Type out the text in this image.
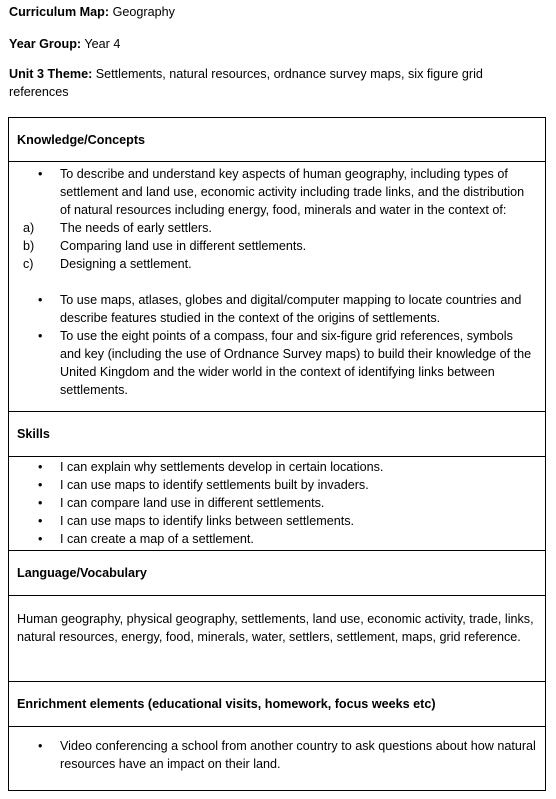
Curriculum Map: Geography
Year Group: Year 4
Unit 3 Theme: Settlements, natural resources, ordnance survey maps, six figure grid references
Knowledge/Concepts
• To describe and understand key aspects of human geography, including types of settlement and land use, economic activity including trade links, and the distribution of natural resources including energy, food, minerals and water in the context of:
a) The needs of early settlers.
b) Comparing land use in different settlements.
c) Designing a settlement.
• To use maps, atlases, globes and digital/computer mapping to locate countries and describe features studied in the context of the origins of settlements.
• To use the eight points of a compass, four and six-figure grid references, symbols and key (including the use of Ordnance Survey maps) to build their knowledge of the United Kingdom and the wider world in the context of identifying links between settlements.
Skills
• I can explain why settlements develop in certain locations.
• I can use maps to identify settlements built by invaders.
• I can compare land use in different settlements.
• I can use maps to identify links between settlements.
• I can create a map of a settlement.
Language/Vocabulary
Human geography, physical geography, settlements, land use, economic activity, trade, links, natural resources, energy, food, minerals, water, settlers, settlement, maps, grid reference.
Enrichment elements (educational visits, homework, focus weeks etc)
• Video conferencing a school from another country to ask questions about how natural resources have an impact on their land.
